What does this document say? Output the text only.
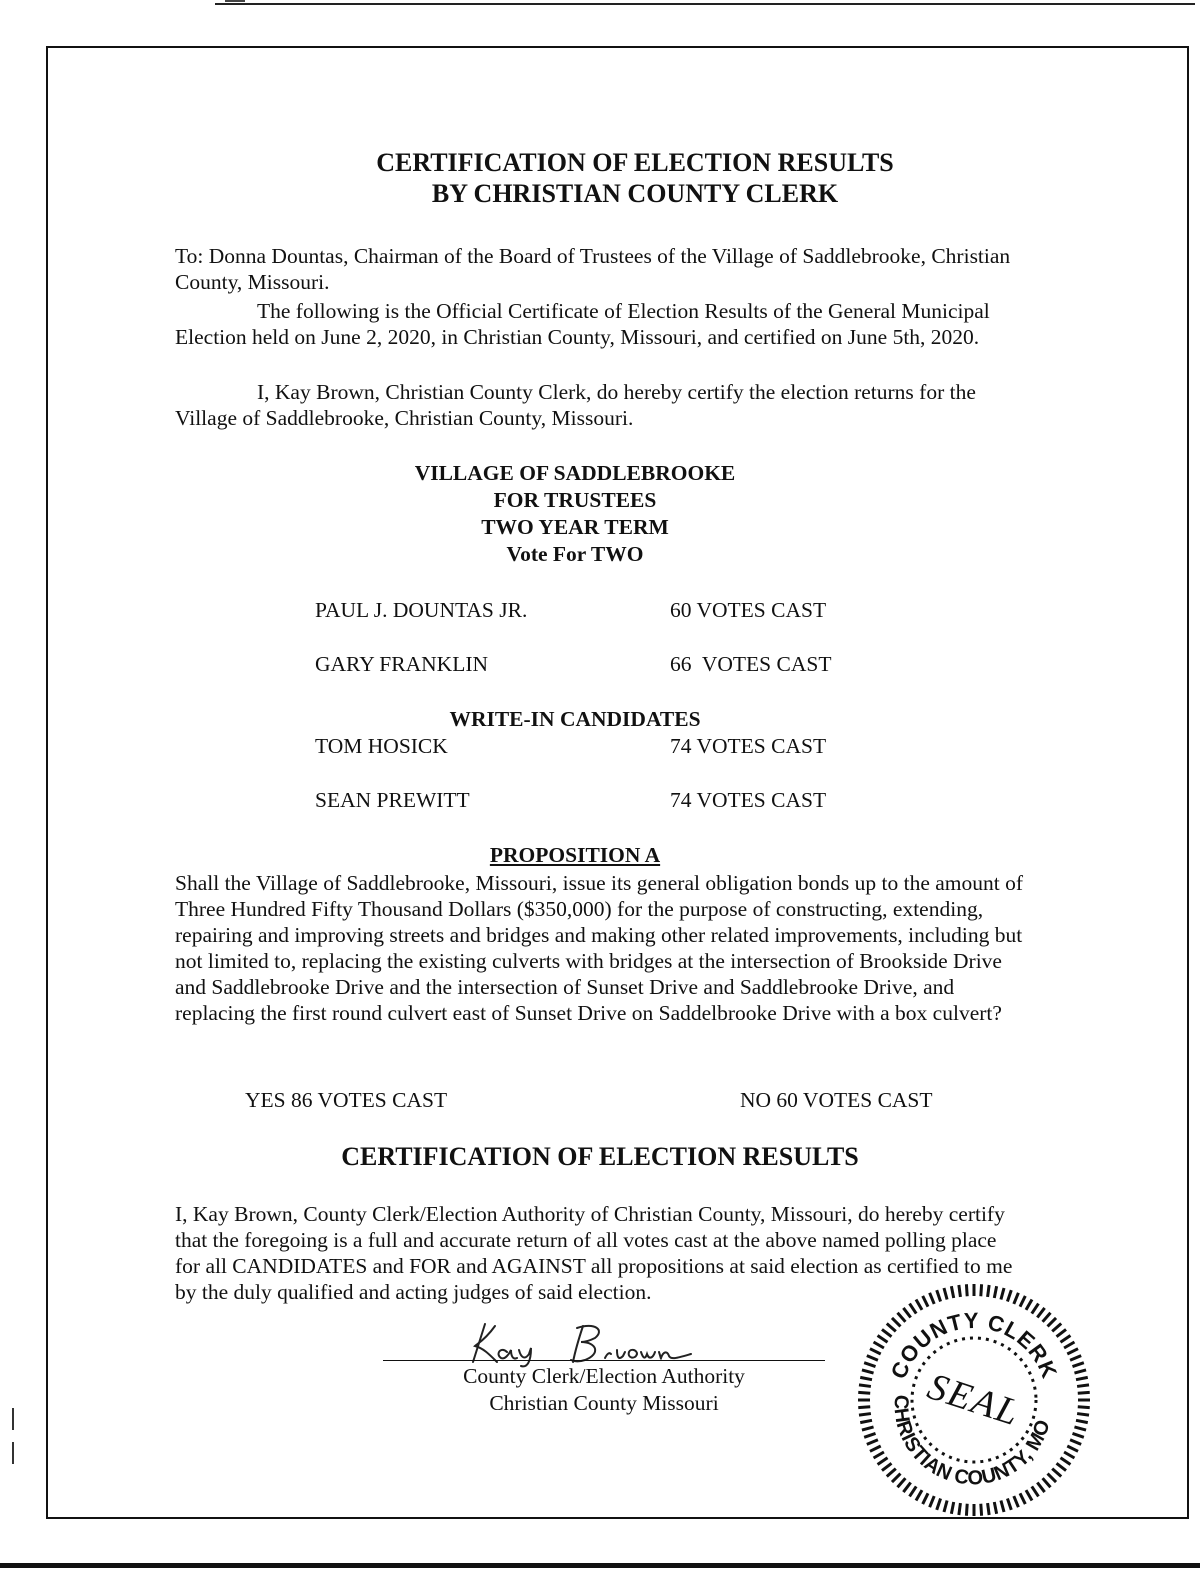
CERTIFICATION OF ELECTION RESULTS
BY CHRISTIAN COUNTY CLERK
To: Donna Dountas, Chairman of the Board of Trustees of the Village of Saddlebrooke, Christian County, Missouri.
The following is the Official Certificate of Election Results of the General Municipal Election held on June 2, 2020, in Christian County, Missouri, and certified on June 5th, 2020.
I, Kay Brown, Christian County Clerk, do hereby certify the election returns for the Village of Saddlebrooke, Christian County, Missouri.
VILLAGE OF SADDLEBROOKE
FOR TRUSTEES
TWO YEAR TERM
Vote For TWO
PAUL J. DOUNTAS JR.	60 VOTES CAST
GARY FRANKLIN	66  VOTES CAST
WRITE-IN CANDIDATES
TOM HOSICK	74 VOTES CAST
SEAN PREWITT	74 VOTES CAST
PROPOSITION A
Shall the Village of Saddlebrooke, Missouri, issue its general obligation bonds up to the amount of Three Hundred Fifty Thousand Dollars ($350,000) for the purpose of constructing, extending, repairing and improving streets and bridges and making other related improvements, including but not limited to, replacing the existing culverts with bridges at the intersection of Brookside Drive and Saddlebrooke Drive and the intersection of Sunset Drive and Saddlebrooke Drive, and replacing the first round culvert east of Sunset Drive on Saddelbrooke Drive with a box culvert?
YES 86 VOTES CAST	NO 60 VOTES CAST
CERTIFICATION OF ELECTION RESULTS
I, Kay Brown, County Clerk/Election Authority of Christian County, Missouri, do hereby certify that the foregoing is a full and accurate return of all votes cast at the above named polling place for all CANDIDATES and FOR and AGAINST all propositions at said election as certified to me by the duly qualified and acting judges of said election.
County Clerk/Election Authority
Christian County Missouri
COUNTY CLERK
CHRISTIAN COUNTY, MO
SEAL
